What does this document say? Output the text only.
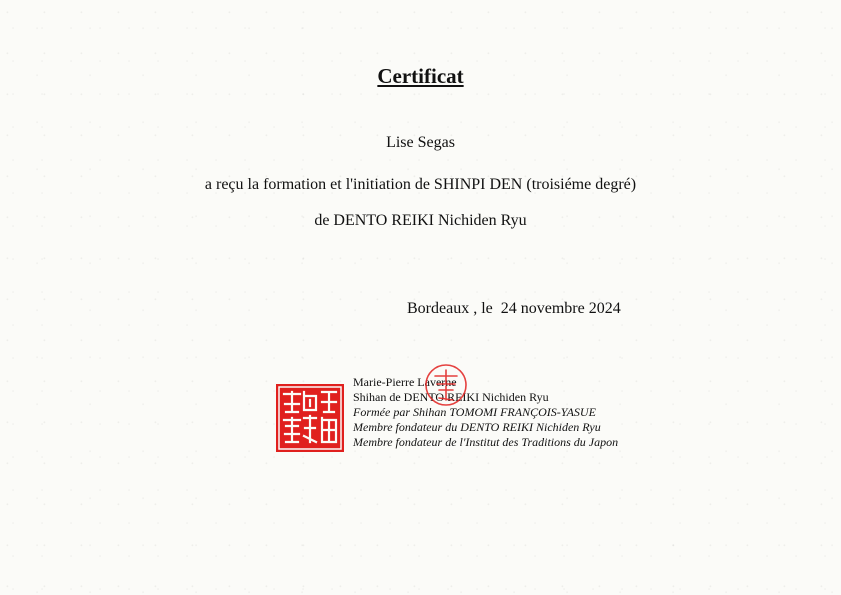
Certificat
Lise Segas
a reçu la formation et l'initiation de SHINPI DEN (troisiéme degré)
de DENTO REIKI Nichiden Ryu
Bordeaux , le 24 novembre 2024
Marie-Pierre Laverne
Shihan de DENTO REIKI Nichiden Ryu
Formée par Shihan TOMOMI FRANÇOIS-YASUE
Membre fondateur du DENTO REIKI Nichiden Ryu
Membre fondateur de l'Institut des Traditions du Japon
